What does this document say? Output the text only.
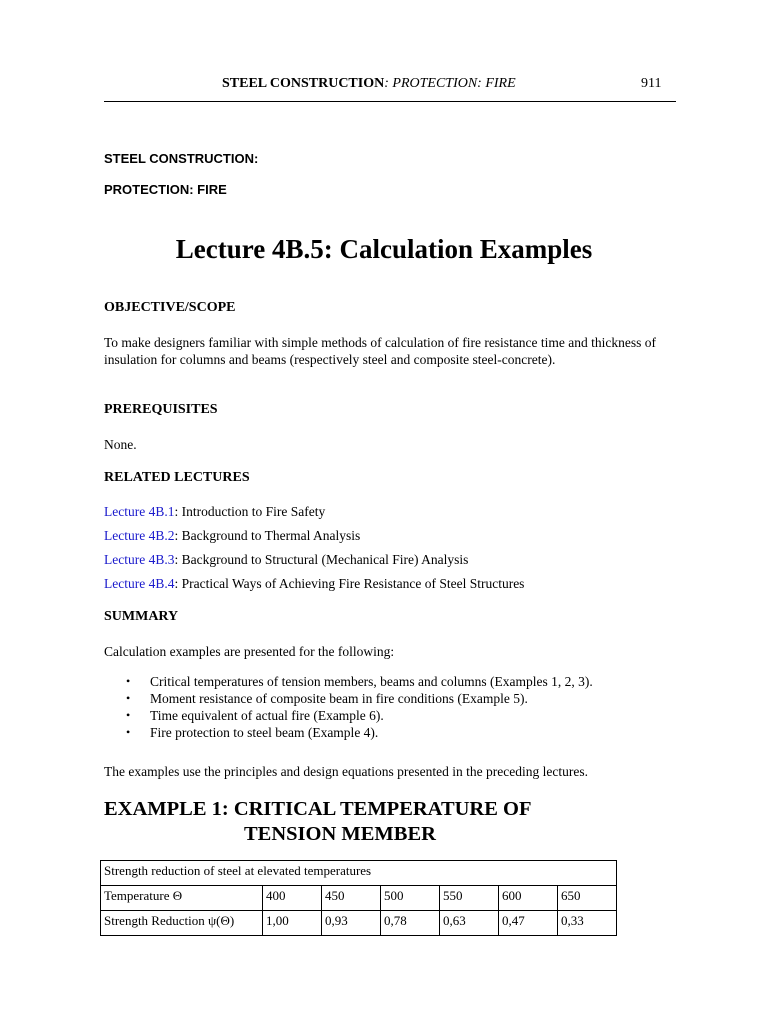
STEEL CONSTRUCTION: PROTECTION: FIRE	911
STEEL CONSTRUCTION:
PROTECTION: FIRE
Lecture 4B.5: Calculation Examples
OBJECTIVE/SCOPE
To make designers familiar with simple methods of calculation of fire resistance time and thickness of insulation for columns and beams (respectively steel and composite steel-concrete).
PREREQUISITES
None.
RELATED LECTURES
Lecture 4B.1: Introduction to Fire Safety
Lecture 4B.2: Background to Thermal Analysis
Lecture 4B.3: Background to Structural (Mechanical Fire) Analysis
Lecture 4B.4: Practical Ways of Achieving Fire Resistance of Steel Structures
SUMMARY
Calculation examples are presented for the following:
• Critical temperatures of tension members, beams and columns (Examples 1, 2, 3).
• Moment resistance of composite beam in fire conditions (Example 5).
• Time equivalent of actual fire (Example 6).
• Fire protection to steel beam (Example 4).
The examples use the principles and design equations presented in the preceding lectures.
EXAMPLE 1: CRITICAL TEMPERATURE OF
TENSION MEMBER
Strength reduction of steel at elevated temperatures						
Temperature Θ	400	450	500	550	600	650
Strength Reduction ψ(Θ)	1,00	0,93	0,78	0,63	0,47	0,33
